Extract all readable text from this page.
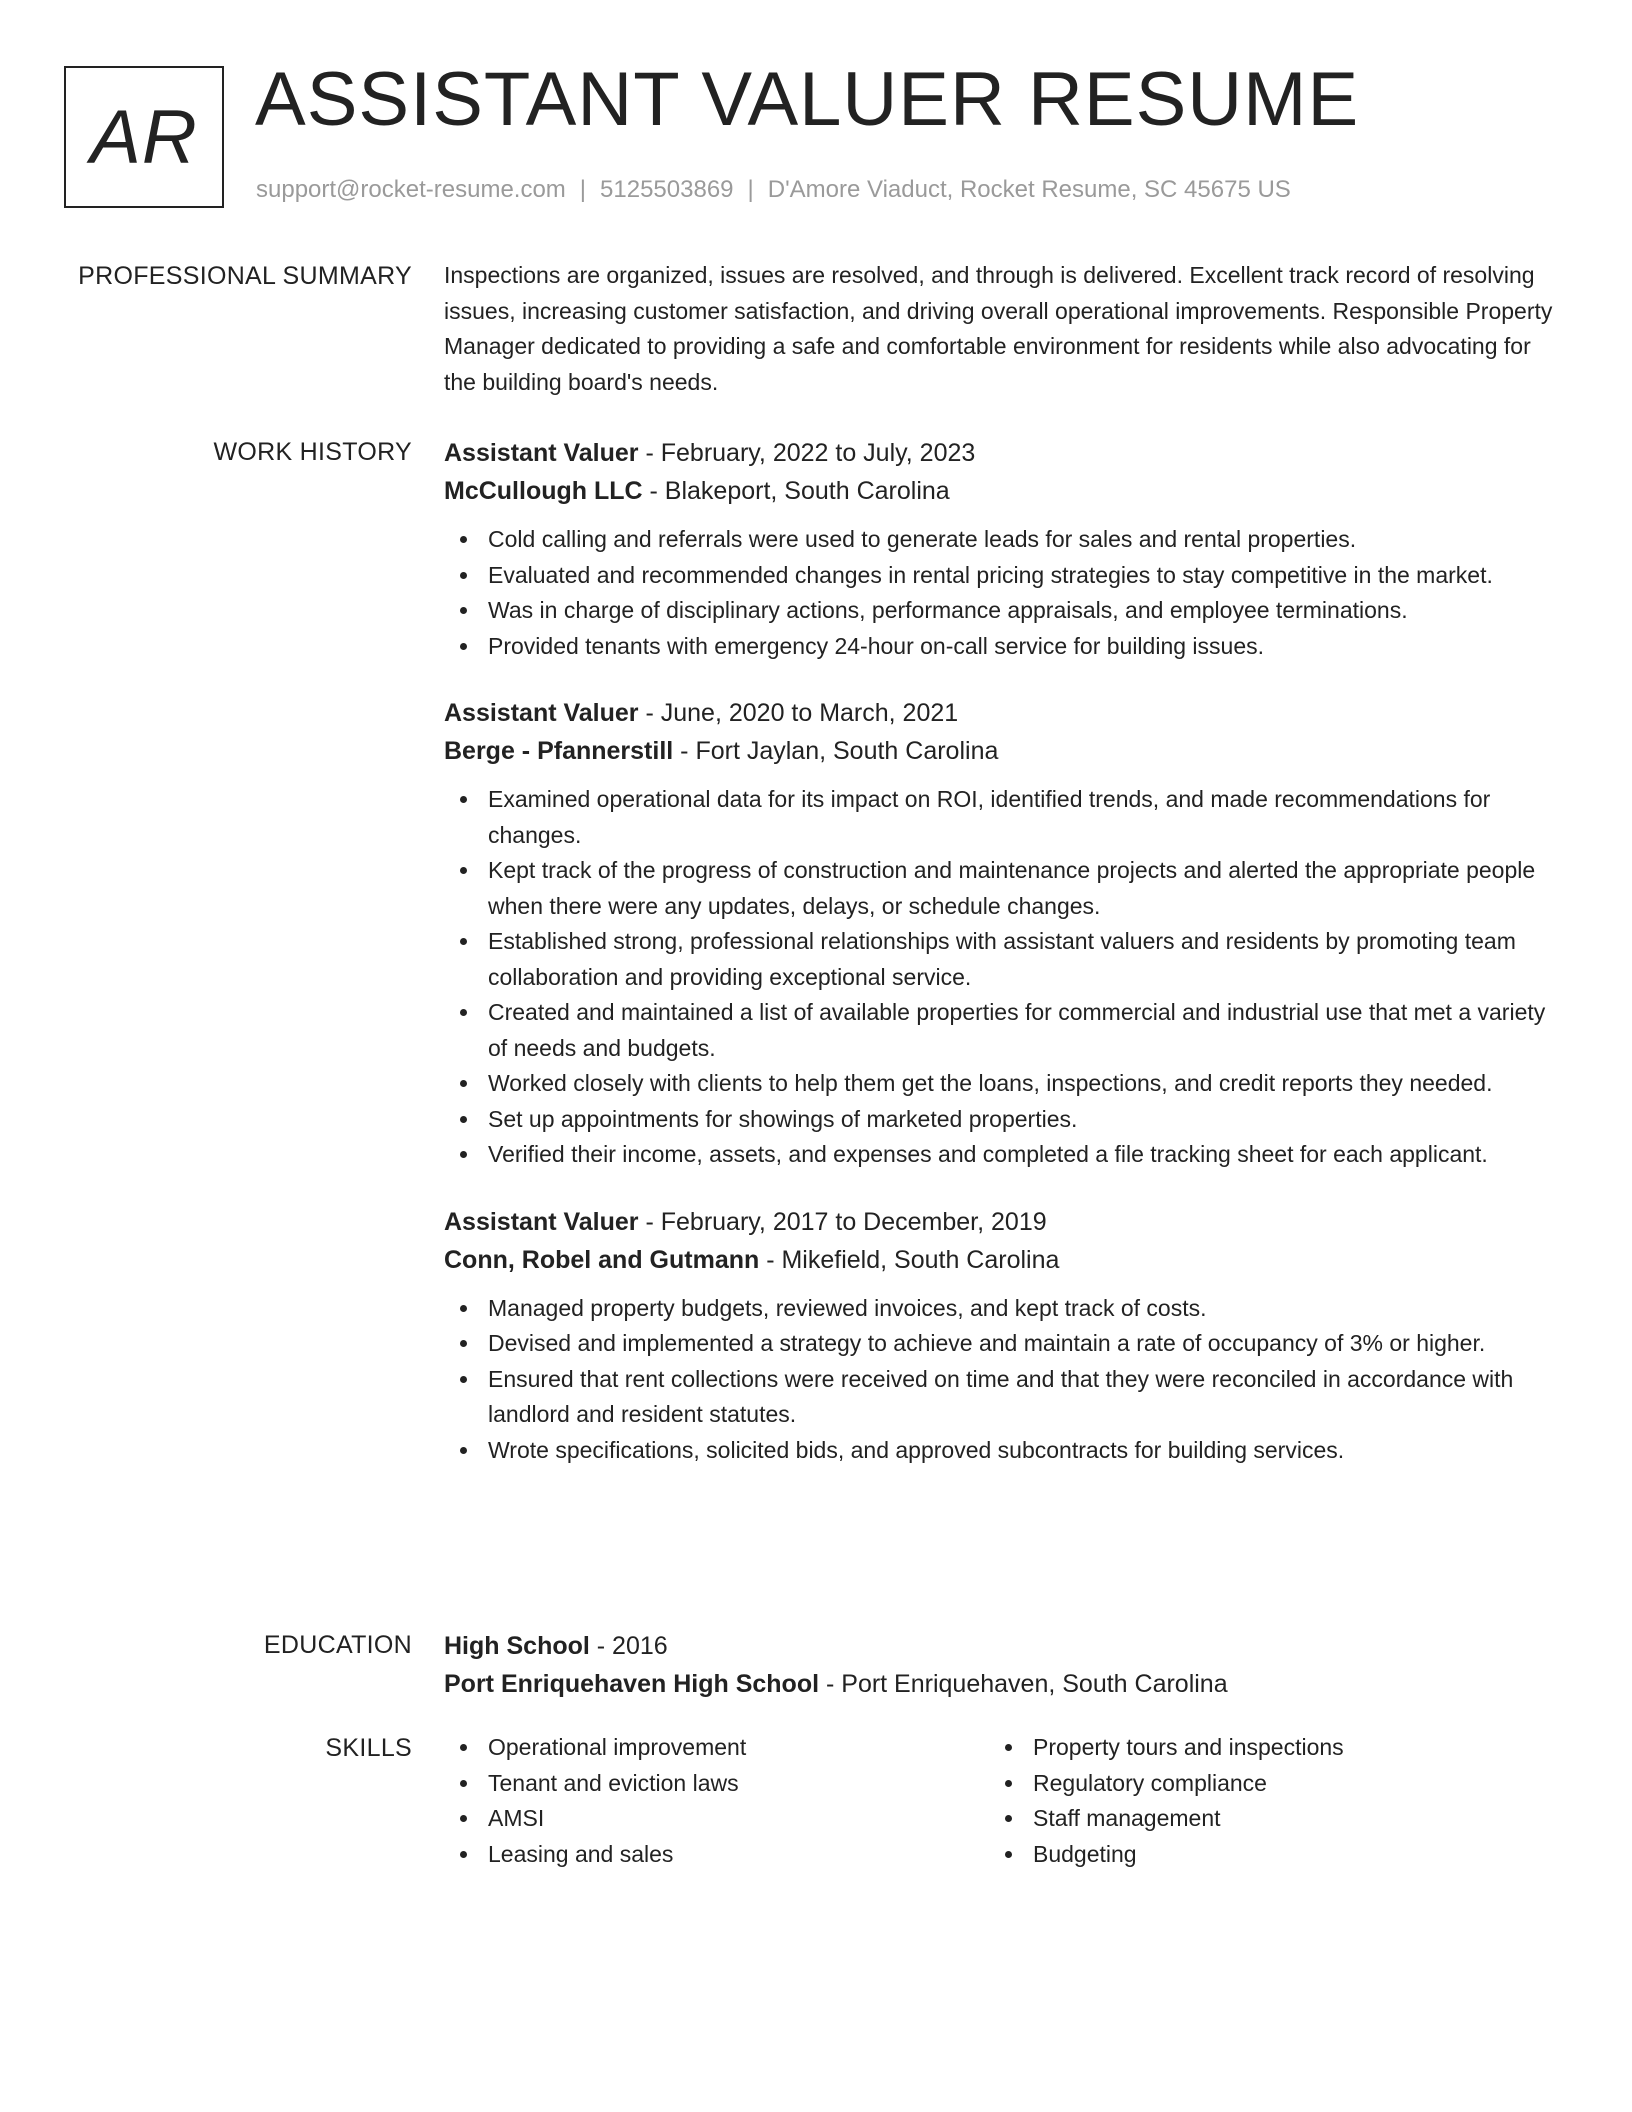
AR ASSISTANT VALUER RESUME
support@rocket-resume.com | 5125503869 | D'Amore Viaduct, Rocket Resume, SC 45675 US
PROFESSIONAL SUMMARY Inspections are organized, issues are resolved, and through is delivered. Excellent track record of resolving issues, increasing customer satisfaction, and driving overall operational improvements. Responsible Property Manager dedicated to providing a safe and comfortable environment for residents while also advocating for the building board's needs.

WORK HISTORY Assistant Valuer - February, 2022 to July, 2023
McCullough LLC - Blakeport, South Carolina
Cold calling and referrals were used to generate leads for sales and rental properties.
Evaluated and recommended changes in rental pricing strategies to stay competitive in the market.
Was in charge of disciplinary actions, performance appraisals, and employee terminations.
Provided tenants with emergency 24-hour on-call service for building issues.
Assistant Valuer - June, 2020 to March, 2021
Berge - Pfannerstill - Fort Jaylan, South Carolina
Examined operational data for its impact on ROI, identified trends, and made recommendations for changes.
Kept track of the progress of construction and maintenance projects and alerted the appropriate people when there were any updates, delays, or schedule changes.
Established strong, professional relationships with assistant valuers and residents by promoting team collaboration and providing exceptional service.
Created and maintained a list of available properties for commercial and industrial use that met a variety of needs and budgets.
Worked closely with clients to help them get the loans, inspections, and credit reports they needed.
Set up appointments for showings of marketed properties.
Verified their income, assets, and expenses and completed a file tracking sheet for each applicant.
Assistant Valuer - February, 2017 to December, 2019
Conn, Robel and Gutmann - Mikefield, South Carolina
Managed property budgets, reviewed invoices, and kept track of costs.
Devised and implemented a strategy to achieve and maintain a rate of occupancy of 3% or higher.
Ensured that rent collections were received on time and that they were reconciled in accordance with landlord and resident statutes.
Wrote specifications, solicited bids, and approved subcontracts for building services.
EDUCATION High School - 2016
Port Enriquehaven High School - Port Enriquehaven, South Carolina
SKILLS	Operational improvement
Tenant and eviction laws
AMSI
Leasing and sales
Property tours and inspections
Regulatory compliance
Staff management
Budgeting
